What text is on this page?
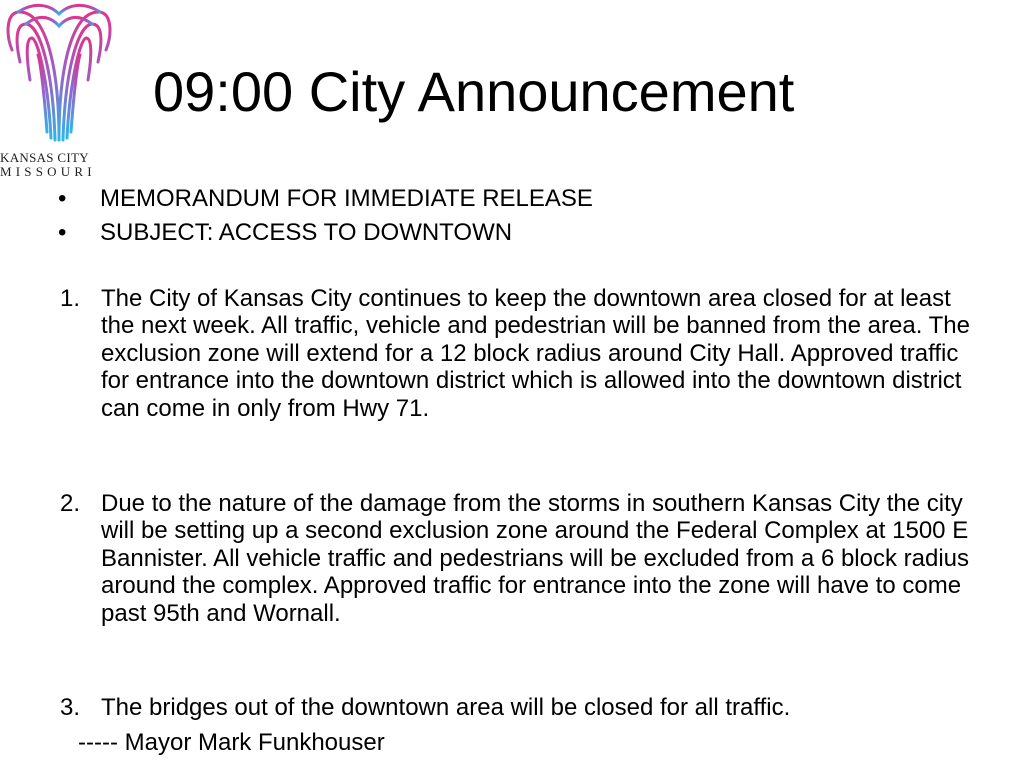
KANSAS CITY
MISSOURI
09:00 City Announcement
• MEMORANDUM FOR IMMEDIATE RELEASE
• SUBJECT: ACCESS TO DOWNTOWN

1. The City of Kansas City continues to keep the downtown area closed for at least the next week. All traffic, vehicle and pedestrian will be banned from the area. The exclusion zone will extend for a 12 block radius around City Hall. Approved traffic for entrance into the downtown district which is allowed into the downtown district can come in only from Hwy 71.

2. Due to the nature of the damage from the storms in southern Kansas City the city will be setting up a second exclusion zone around the Federal Complex at 1500 E Bannister. All vehicle traffic and pedestrians will be excluded from a 6 block radius around the complex. Approved traffic for entrance into the zone will have to come past 95th and Wornall.

3. The bridges out of the downtown area will be closed for all traffic.

----- Mayor Mark Funkhouser
